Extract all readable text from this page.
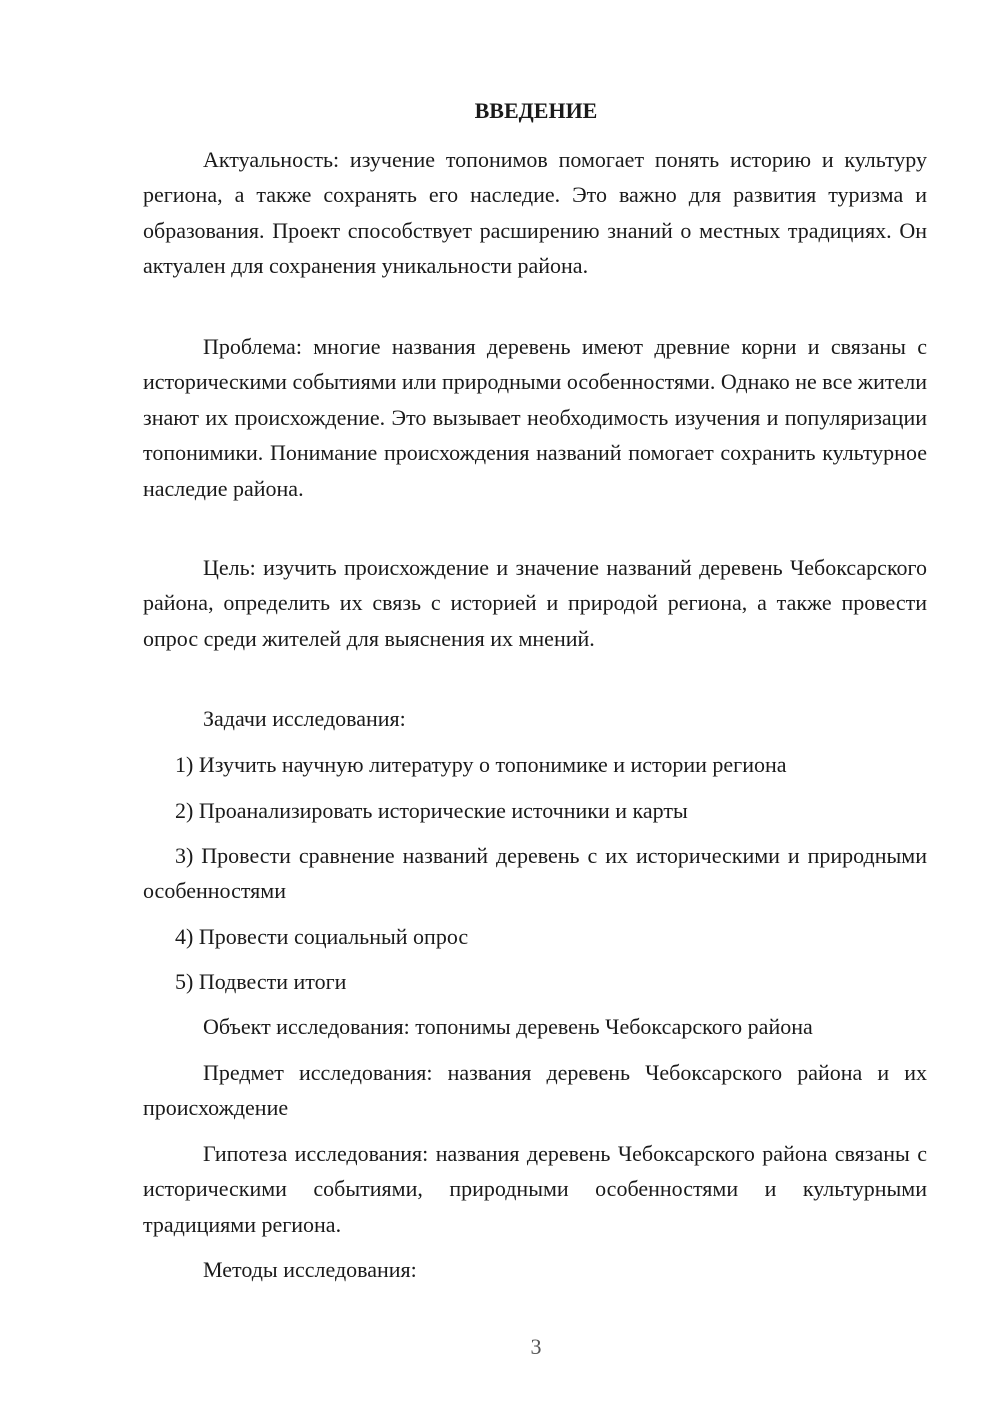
ВВЕДЕНИЕ

Актуальность: изучение топонимов помогает понять историю и культуру региона, а также сохранять его наследие. Это важно для развития туризма и образования. Проект способствует расширению знаний о местных традициях. Он актуален для сохранения уникальности района.

Проблема: многие названия деревень имеют древние корни и связаны с историческими событиями или природными особенностями. Однако не все жители знают их происхождение. Это вызывает необходимость изучения и популяризации топонимики. Понимание происхождения названий помогает сохранить культурное наследие района.

Цель: изучить происхождение и значение названий деревень Чебоксарского района, определить их связь с историей и природой региона, а также провести опрос среди жителей для выяснения их мнений.

Задачи исследования:

1) Изучить научную литературу о топонимике и истории региона

2) Проанализировать исторические источники и карты

3) Провести сравнение названий деревень с их историческими и природными особенностями

4) Провести социальный опрос

5) Подвести итоги

Объект исследования: топонимы деревень Чебоксарского района

Предмет исследования: названия деревень Чебоксарского района и их происхождение

Гипотеза исследования: названия деревень Чебоксарского района связаны с историческими событиями, природными особенностями и культурными традициями региона.

Методы исследования:

3
